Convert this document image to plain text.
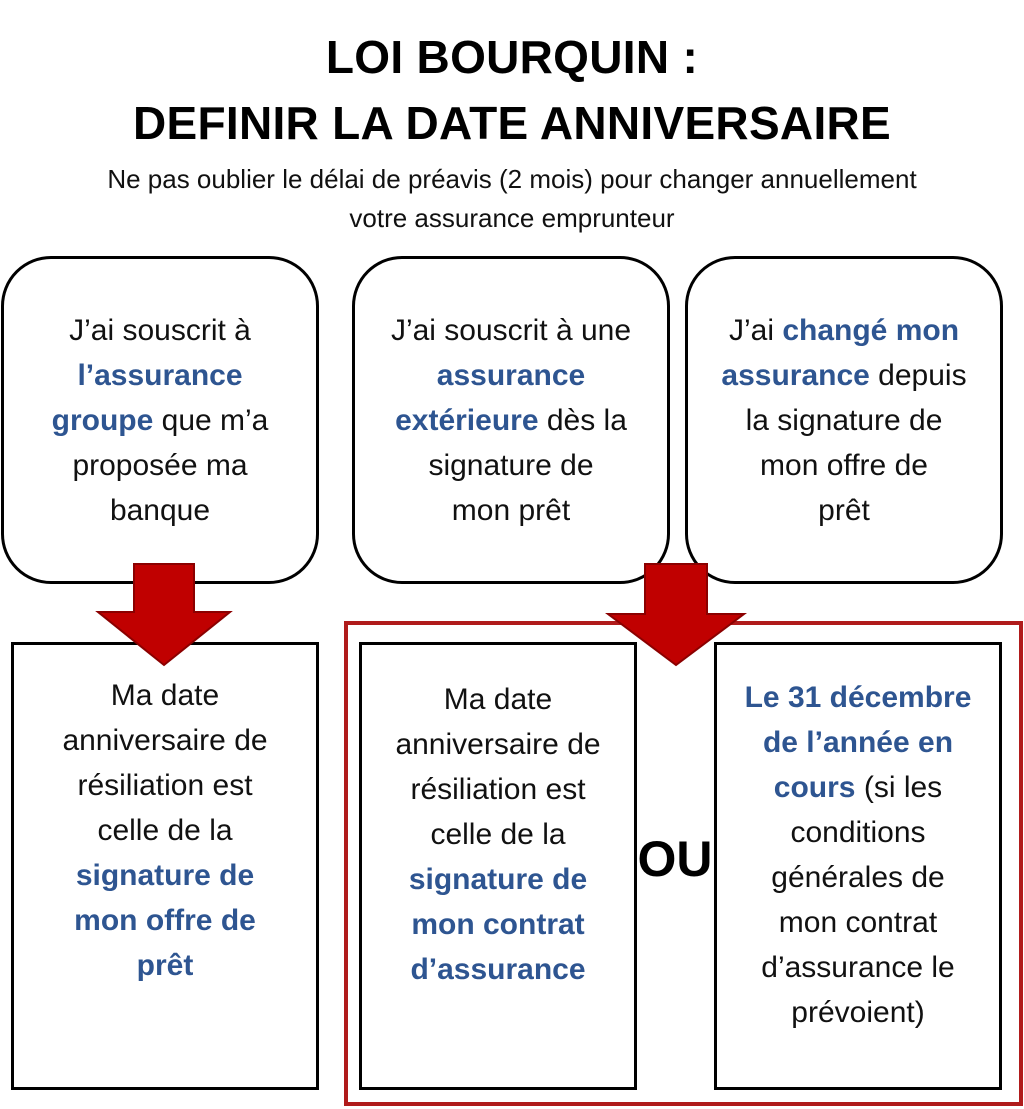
LOI BOURQUIN :
DEFINIR LA DATE ANNIVERSAIRE
Ne pas oublier le délai de préavis (2 mois) pour changer annuellement
votre assurance emprunteur
J’ai souscrit à
l’assurance
groupe que m’a
proposée ma
banque
J’ai souscrit à une
assurance
extérieure dès la
signature de
mon prêt
J’ai changé mon
assurance depuis
la signature de
mon offre de
prêt
Ma date
anniversaire de
résiliation est
celle de la
signature de
mon offre de
prêt
Ma date
anniversaire de
résiliation est
celle de la
signature de
mon contrat
d’assurance
OU
Le 31 décembre
de l’année en
cours (si les
conditions
générales de
mon contrat
d’assurance le
prévoient)
